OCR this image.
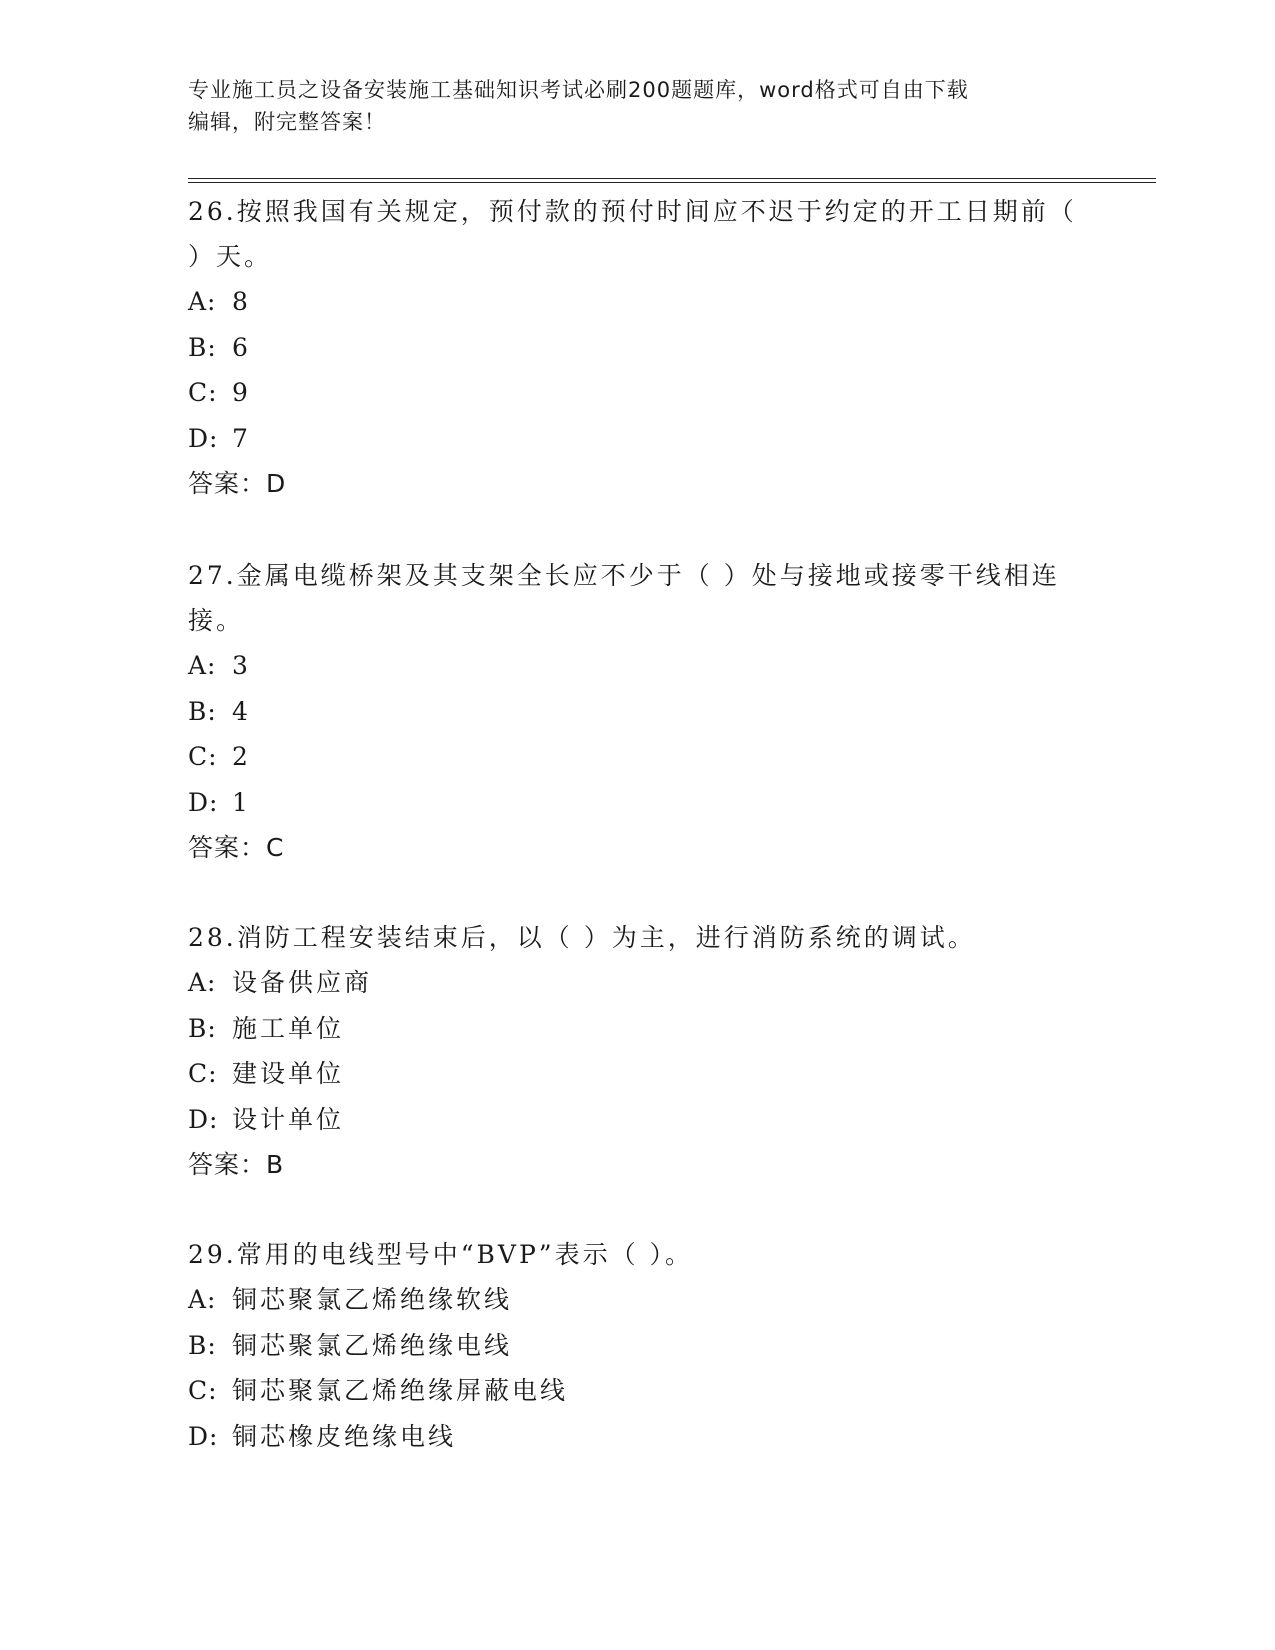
专业施工员之设备安装施工基础知识考试必刷200题题库，word格式可自由下载
编辑，附完整答案！

26.按照我国有关规定，预付款的预付时间应不迟于约定的开工日期前（ ）天。

A: 8

B: 6

C: 9

D: 7

答案：D

27.金属电缆桥架及其支架全长应不少于（ ）处与接地或接零干线相连接。

A: 3

B: 4

C: 2

D: 1

答案：C

28.消防工程安装结束后，以（ ）为主，进行消防系统的调试。

A: 设备供应商

B: 施工单位

C: 建设单位

D: 设计单位

答案：B

29.常用的电线型号中“BVP”表示（ ）。

A: 铜芯聚氯乙烯绝缘软线

B: 铜芯聚氯乙烯绝缘电线

C: 铜芯聚氯乙烯绝缘屏蔽电线

D: 铜芯橡皮绝缘电线
